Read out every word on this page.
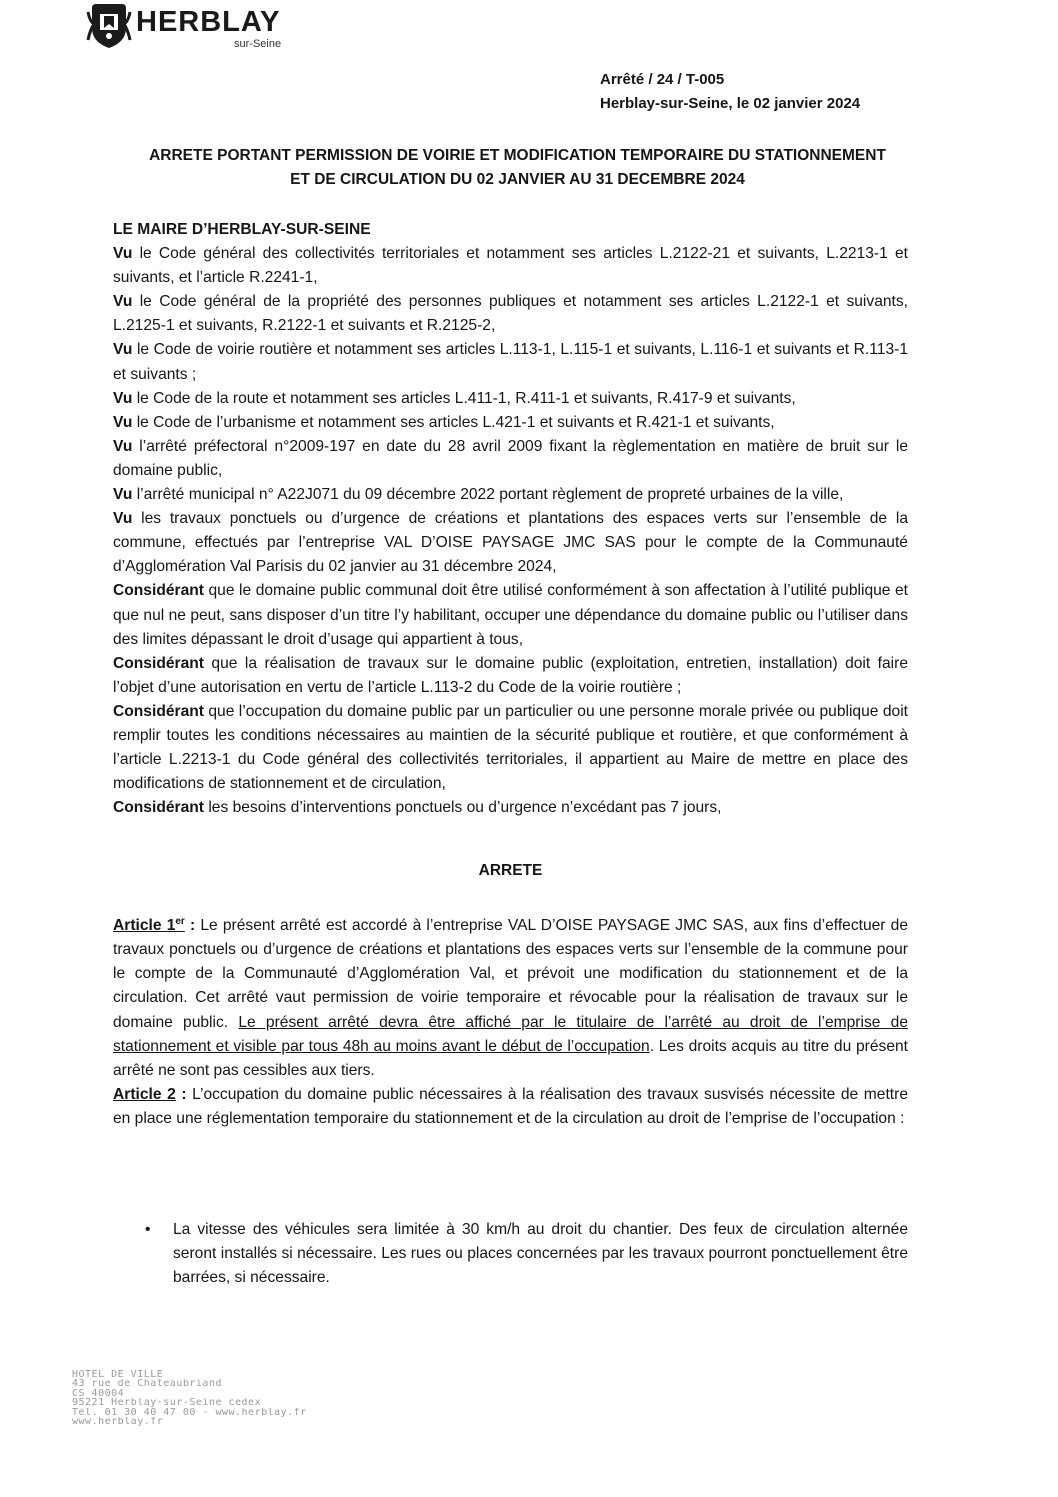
HERBLAY
sur-Seine
Arrêté / 24 / T-005
Herblay-sur-Seine, le 02 janvier 2024
ARRETE PORTANT PERMISSION DE VOIRIE ET MODIFICATION TEMPORAIRE DU STATIONNEMENT
ET DE CIRCULATION DU 02 JANVIER AU 31 DECEMBRE 2024

LE MAIRE D’HERBLAY-SUR-SEINE

Vu le Code général des collectivités territoriales et notamment ses articles L.2122-21 et suivants, L.2213-1 et suivants, et l’article R.2241-1,

Vu le Code général de la propriété des personnes publiques et notamment ses articles L.2122-1 et suivants, L.2125-1 et suivants, R.2122-1 et suivants et R.2125-2,

Vu le Code de voirie routière et notamment ses articles L.113-1, L.115-1 et suivants, L.116-1 et suivants et R.113-1 et suivants ;

Vu le Code de la route et notamment ses articles L.411-1, R.411-1 et suivants, R.417-9 et suivants,

Vu le Code de l’urbanisme et notamment ses articles L.421-1 et suivants et R.421-1 et suivants,

Vu l’arrêté préfectoral n°2009-197 en date du 28 avril 2009 fixant la règlementation en matière de bruit sur le domaine public,

Vu l’arrêté municipal n° A22J071 du 09 décembre 2022 portant règlement de propreté urbaines de la ville,

Vu les travaux ponctuels ou d’urgence de créations et plantations des espaces verts sur l’ensemble de la commune, effectués par l’entreprise VAL D’OISE PAYSAGE JMC SAS pour le compte de la Communauté d’Agglomération Val Parisis du 02 janvier au 31 décembre 2024,

Considérant que le domaine public communal doit être utilisé conformément à son affectation à l’utilité publique et que nul ne peut, sans disposer d’un titre l’y habilitant, occuper une dépendance du domaine public ou l’utiliser dans des limites dépassant le droit d’usage qui appartient à tous,

Considérant que la réalisation de travaux sur le domaine public (exploitation, entretien, installation) doit faire l’objet d’une autorisation en vertu de l’article L.113-2 du Code de la voirie routière ;

Considérant que l’occupation du domaine public par un particulier ou une personne morale privée ou publique doit remplir toutes les conditions nécessaires au maintien de la sécurité publique et routière, et que conformément à l’article L.2213-1 du Code général des collectivités territoriales, il appartient au Maire de mettre en place des modifications de stationnement et de circulation,

Considérant les besoins d’interventions ponctuels ou d’urgence n’excédant pas 7 jours,

ARRETE

Article 1er : Le présent arrêté est accordé à l’entreprise VAL D’OISE PAYSAGE JMC SAS, aux fins d’effectuer de travaux ponctuels ou d’urgence de créations et plantations des espaces verts sur l’ensemble de la commune pour le compte de la Communauté d’Agglomération Val, et prévoit une modification du stationnement et de la circulation. Cet arrêté vaut permission de voirie temporaire et révocable pour la réalisation de travaux sur le domaine public. Le présent arrêté devra être affiché par le titulaire de l’arrêté au droit de l’emprise de stationnement et visible par tous 48h au moins avant le début de l’occupation. Les droits acquis au titre du présent arrêté ne sont pas cessibles aux tiers.

Article 2 : L’occupation du domaine public nécessaires à la réalisation des travaux susvisés nécessite de mettre en place une réglementation temporaire du stationnement et de la circulation au droit de l’emprise de l’occupation :

• La vitesse des véhicules sera limitée à 30 km/h au droit du chantier. Des feux de circulation alternée seront installés si nécessaire. Les rues ou places concernées par les travaux pourront ponctuellement être barrées, si nécessaire.
HOTEL DE VILLE
43 rue de Chateaubriand
CS 40004
95221 Herblay-sur-Seine cedex
Tél. 01 30 40 47 00 - www.herblay.fr
www.herblay.fr
